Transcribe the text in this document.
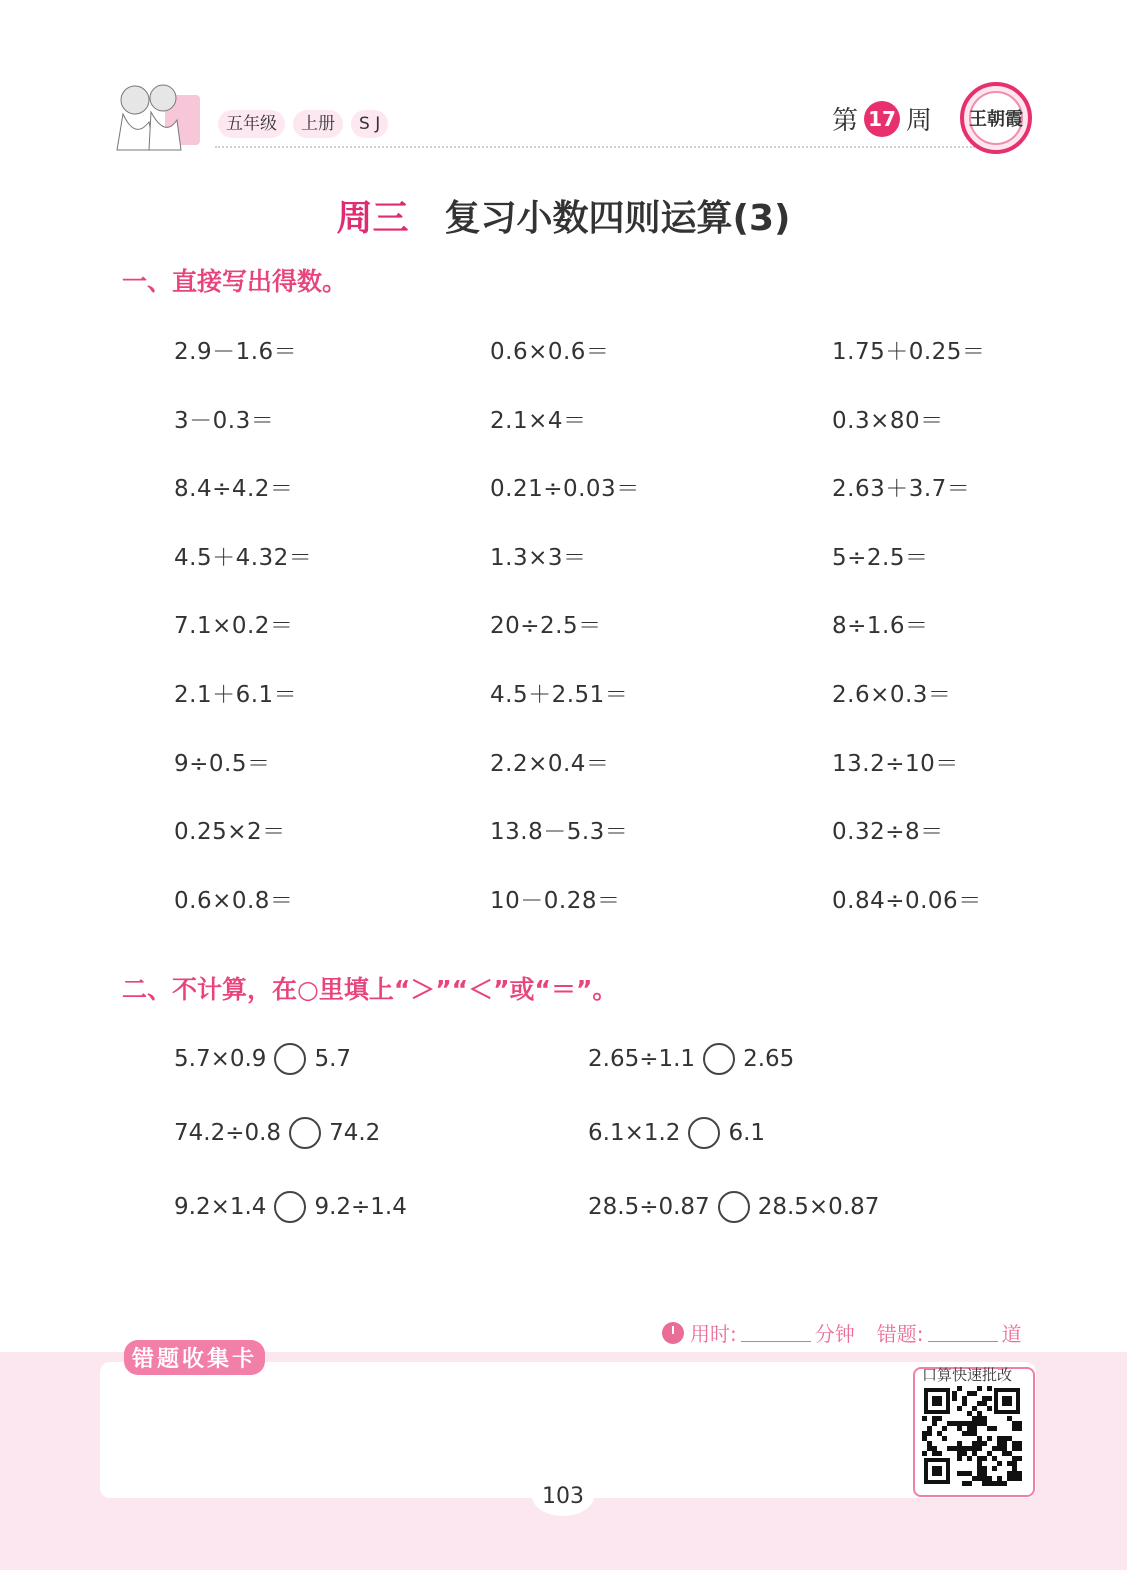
五年级	上册	S J	第 17 周 王朝霞
周三 复习小数四则运算(3)
一、直接写出得数。
2.9－1.6＝	0.6×0.6＝	1.75＋0.25＝
3－0.3＝	2.1×4＝	0.3×80＝
8.4÷4.2＝	0.21÷0.03＝	2.63＋3.7＝
4.5＋4.32＝	1.3×3＝	5÷2.5＝
7.1×0.2＝	20÷2.5＝	8÷1.6＝
2.1＋6.1＝	4.5＋2.51＝	2.6×0.3＝
9÷0.5＝	2.2×0.4＝	13.2÷10＝
0.25×2＝	13.8－5.3＝	0.32÷8＝
0.6×0.8＝	10－0.28＝	0.84÷0.06＝
二、不计算，在○里填上“＞”“＜”或“＝”。
5.7×0.9 5.7	2.65÷1.1 2.65
74.2÷0.8 74.2	6.1×1.2 6.1
9.2×1.4 9.2÷1.4	28.5÷0.87 28.5×0.87
用时:	分钟 错题:	道
错题收集卡
口算快速批改
103
